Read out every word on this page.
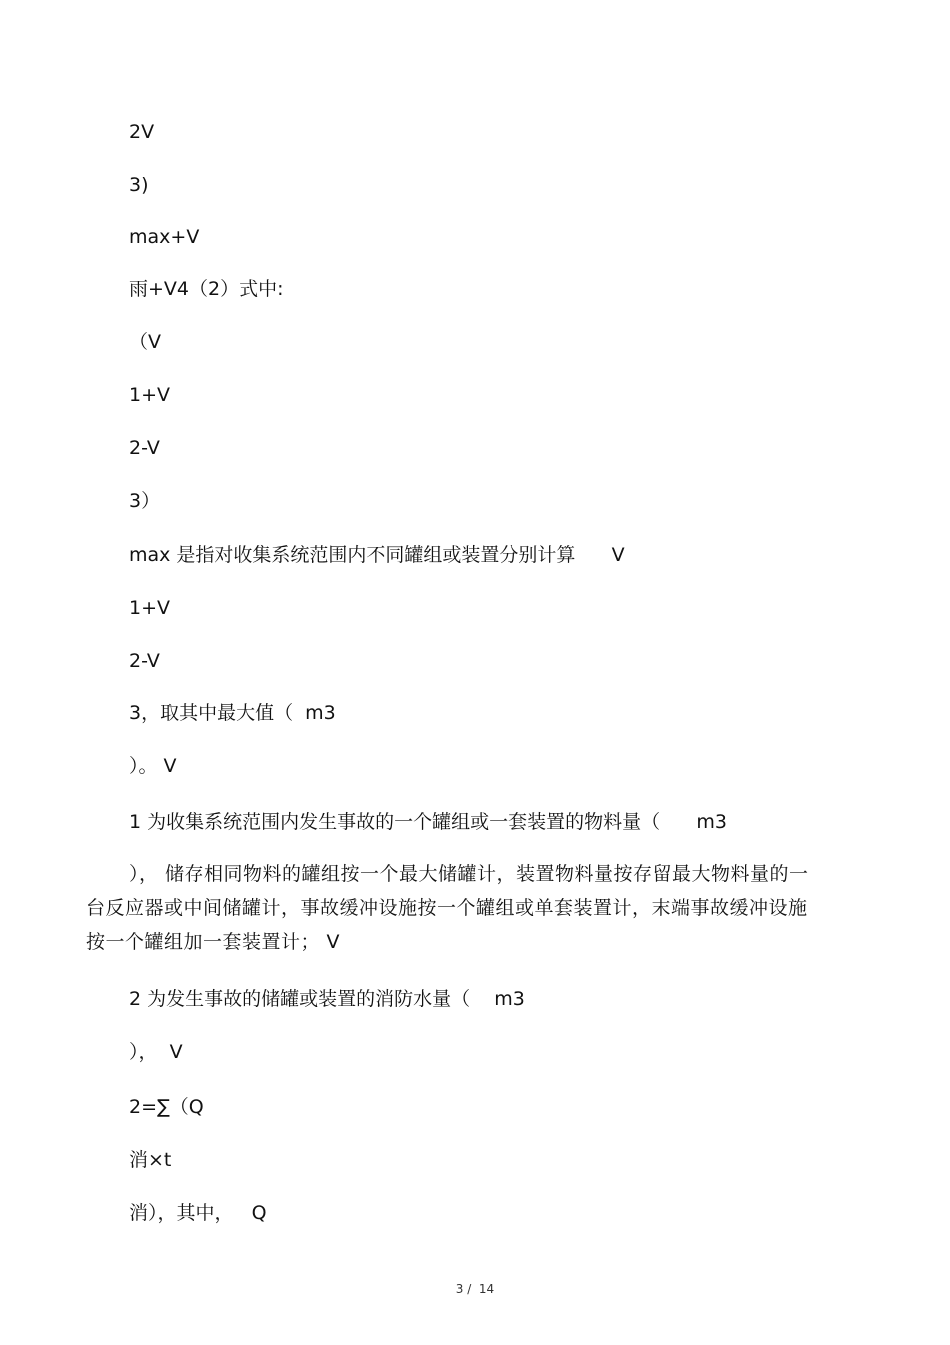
2V
3)
max+V
雨+V4（2）式中:
（V
1+V
2-V
3）
max 是指对收集系统范围内不同罐组或装置分别计算      V
1+V
2-V
3，取其中最大值（  m3
）。 V
1 为收集系统范围内发生事故的一个罐组或一套装置的物料量（      m3
）， 储存相同物料的罐组按一个最大储罐计，装置物料量按存留最大物料量的一台反应器或中间储罐计，事故缓冲设施按一个罐组或单套装置计，末端事故缓冲设施按一个罐组加一套装置计； V
2 为发生事故的储罐或装置的消防水量（    m3
），  V
2=∑（Q
消×t
消），其中，   Q
3 /  14
